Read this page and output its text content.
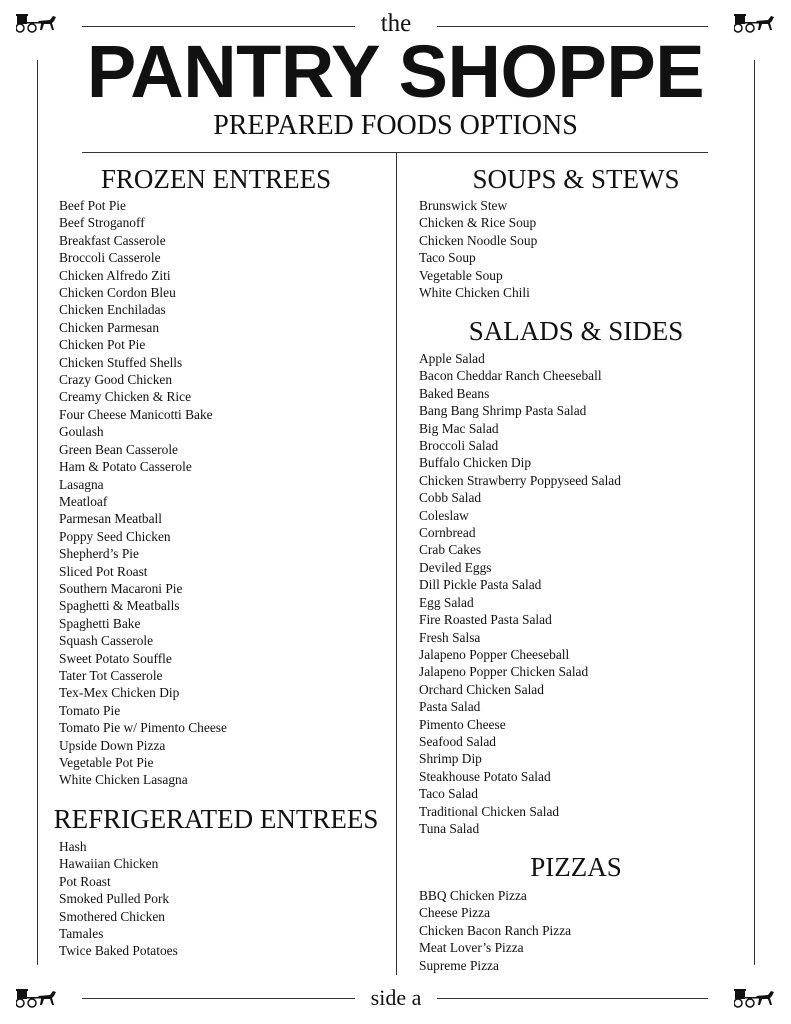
the
PANTRY SHOPPE
PREPARED FOODS OPTIONS
FROZEN ENTREES
Beef Pot Pie
Beef Stroganoff
Breakfast Casserole
Broccoli Casserole
Chicken Alfredo Ziti
Chicken Cordon Bleu
Chicken Enchiladas
Chicken Parmesan
Chicken Pot Pie
Chicken Stuffed Shells
Crazy Good Chicken
Creamy Chicken & Rice
Four Cheese Manicotti Bake
Goulash
Green Bean Casserole
Ham & Potato Casserole
Lasagna
Meatloaf
Parmesan Meatball
Poppy Seed Chicken
Shepherd’s Pie
Sliced Pot Roast
Southern Macaroni Pie
Spaghetti & Meatballs
Spaghetti Bake
Squash Casserole
Sweet Potato Souffle
Tater Tot Casserole
Tex-Mex Chicken Dip
Tomato Pie
Tomato Pie w/ Pimento Cheese
Upside Down Pizza
Vegetable Pot Pie
White Chicken Lasagna
REFRIGERATED ENTREES
Hash
Hawaiian Chicken
Pot Roast
Smoked Pulled Pork
Smothered Chicken
Tamales
Twice Baked Potatoes
SOUPS & STEWS
Brunswick Stew
Chicken & Rice Soup
Chicken Noodle Soup
Taco Soup
Vegetable Soup
White Chicken Chili
SALADS & SIDES
Apple Salad
Bacon Cheddar Ranch Cheeseball
Baked Beans
Bang Bang Shrimp Pasta Salad
Big Mac Salad
Broccoli Salad
Buffalo Chicken Dip
Chicken Strawberry Poppyseed Salad
Cobb Salad
Coleslaw
Cornbread
Crab Cakes
Deviled Eggs
Dill Pickle Pasta Salad
Egg Salad
Fire Roasted Pasta Salad
Fresh Salsa
Jalapeno Popper Cheeseball
Jalapeno Popper Chicken Salad
Orchard Chicken Salad
Pasta Salad
Pimento Cheese
Seafood Salad
Shrimp Dip
Steakhouse Potato Salad
Taco Salad
Traditional Chicken Salad
Tuna Salad
PIZZAS
BBQ Chicken Pizza
Cheese Pizza
Chicken Bacon Ranch Pizza
Meat Lover’s Pizza
Supreme Pizza
side a
